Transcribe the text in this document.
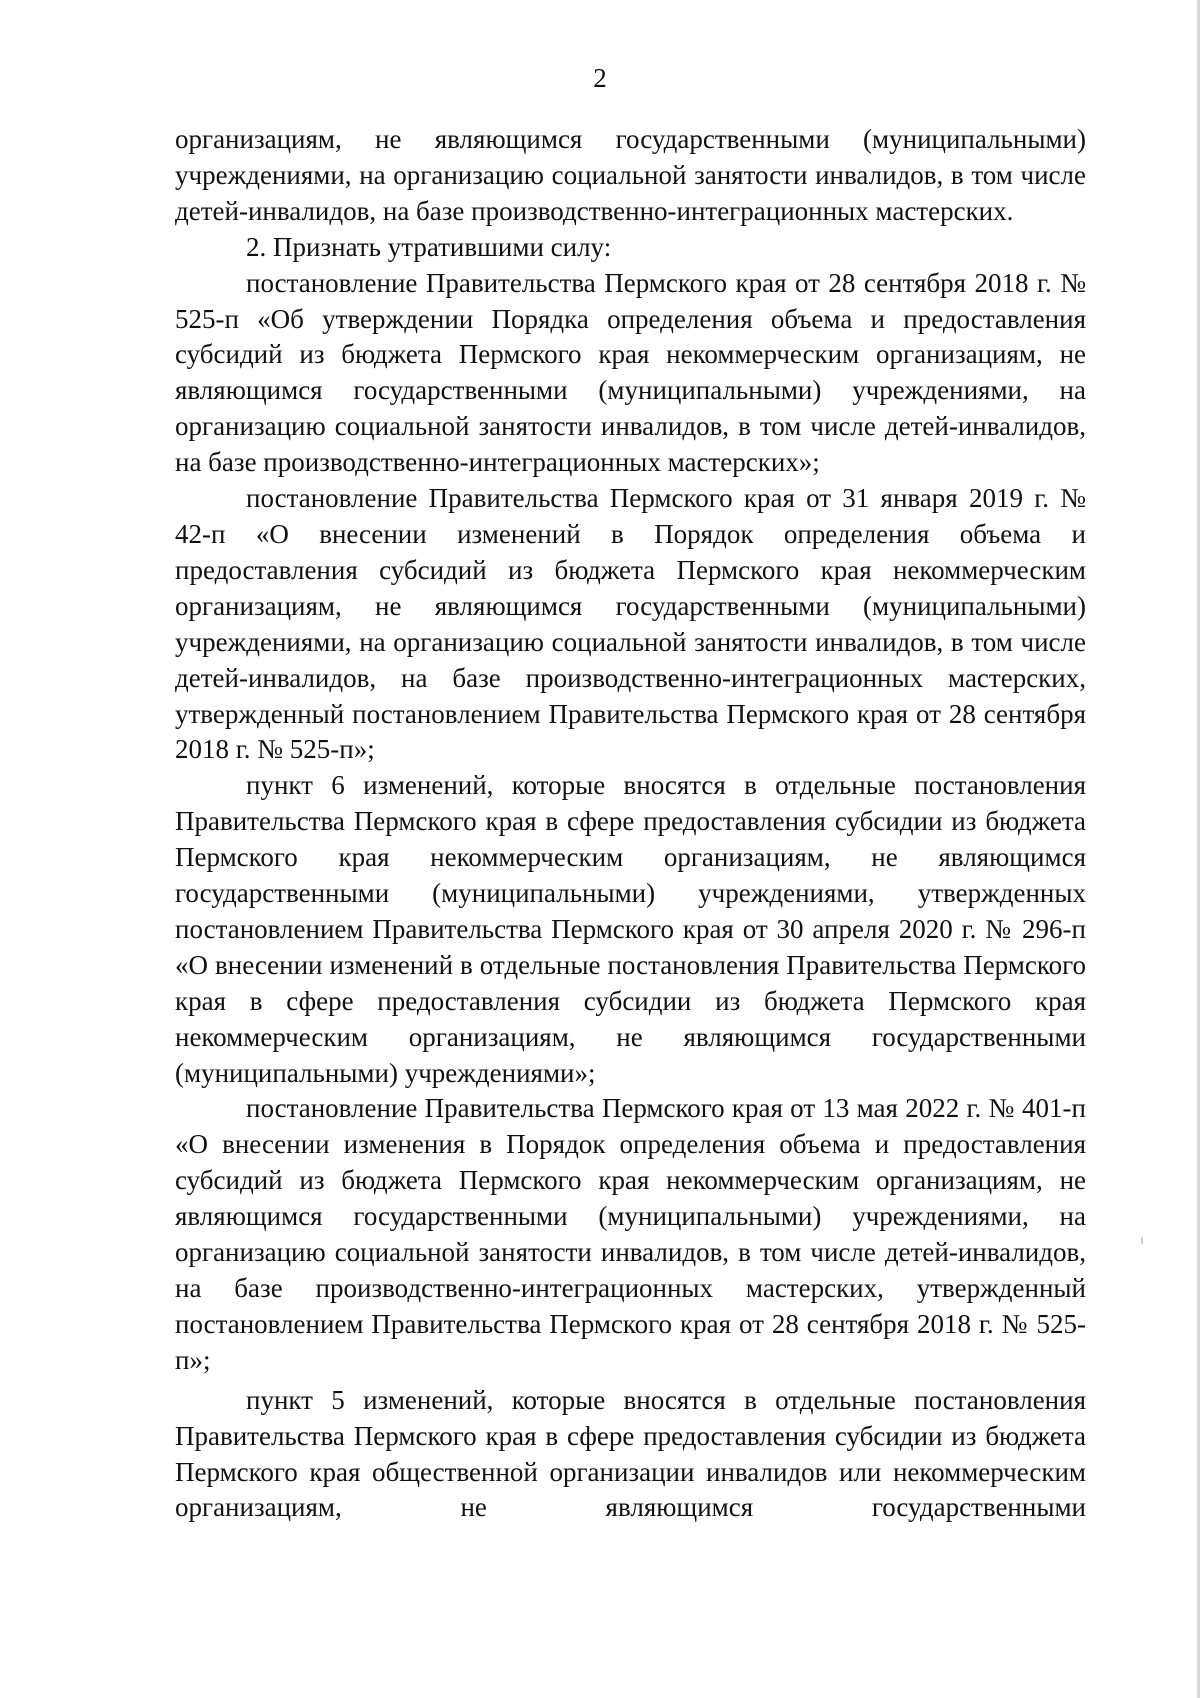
2

организациям, не являющимся государственными (муниципальными) учреждениями, на организацию социальной занятости инвалидов, в том числе детей-инвалидов, на базе производственно-интеграционных мастерских.

2. Признать утратившими силу:

постановление Правительства Пермского края от 28 сентября 2018 г. № 525-п «Об утверждении Порядка определения объема и предоставления субсидий из бюджета Пермского края некоммерческим организациям, не являющимся государственными (муниципальными) учреждениями, на организацию социальной занятости инвалидов, в том числе детей-инвалидов, на базе производственно-интеграционных мастерских»;

постановление Правительства Пермского края от 31 января 2019 г. № 42-п «О внесении изменений в Порядок определения объема и предоставления субсидий из бюджета Пермского края некоммерческим организациям, не являющимся государственными (муниципальными) учреждениями, на организацию социальной занятости инвалидов, в том числе детей-инвалидов, на базе производственно-интеграционных мастерских, утвержденный постановлением Правительства Пермского края от 28 сентября 2018 г. № 525-п»;

пункт 6 изменений, которые вносятся в отдельные постановления Правительства Пермского края в сфере предоставления субсидии из бюджета Пермского края некоммерческим организациям, не являющимся государственными (муниципальными) учреждениями, утвержденных постановлением Правительства Пермского края от 30 апреля 2020 г. № 296-п «О внесении изменений в отдельные постановления Правительства Пермского края в сфере предоставления субсидии из бюджета Пермского края некоммерческим организациям, не являющимся государственными (муниципальными) учреждениями»;

постановление Правительства Пермского края от 13 мая 2022 г. № 401-п «О внесении изменения в Порядок определения объема и предоставления субсидий из бюджета Пермского края некоммерческим организациям, не являющимся государственными (муниципальными) учреждениями, на организацию социальной занятости инвалидов, в том числе детей-инвалидов, на базе производственно-интеграционных мастерских, утвержденный постановлением Правительства Пермского края от 28 сентября 2018 г. № 525-п»;

пункт 5 изменений, которые вносятся в отдельные постановления Правительства Пермского края в сфере предоставления субсидии из бюджета Пермского края общественной организации инвалидов или некоммерческим организациям, не являющимся государственными
